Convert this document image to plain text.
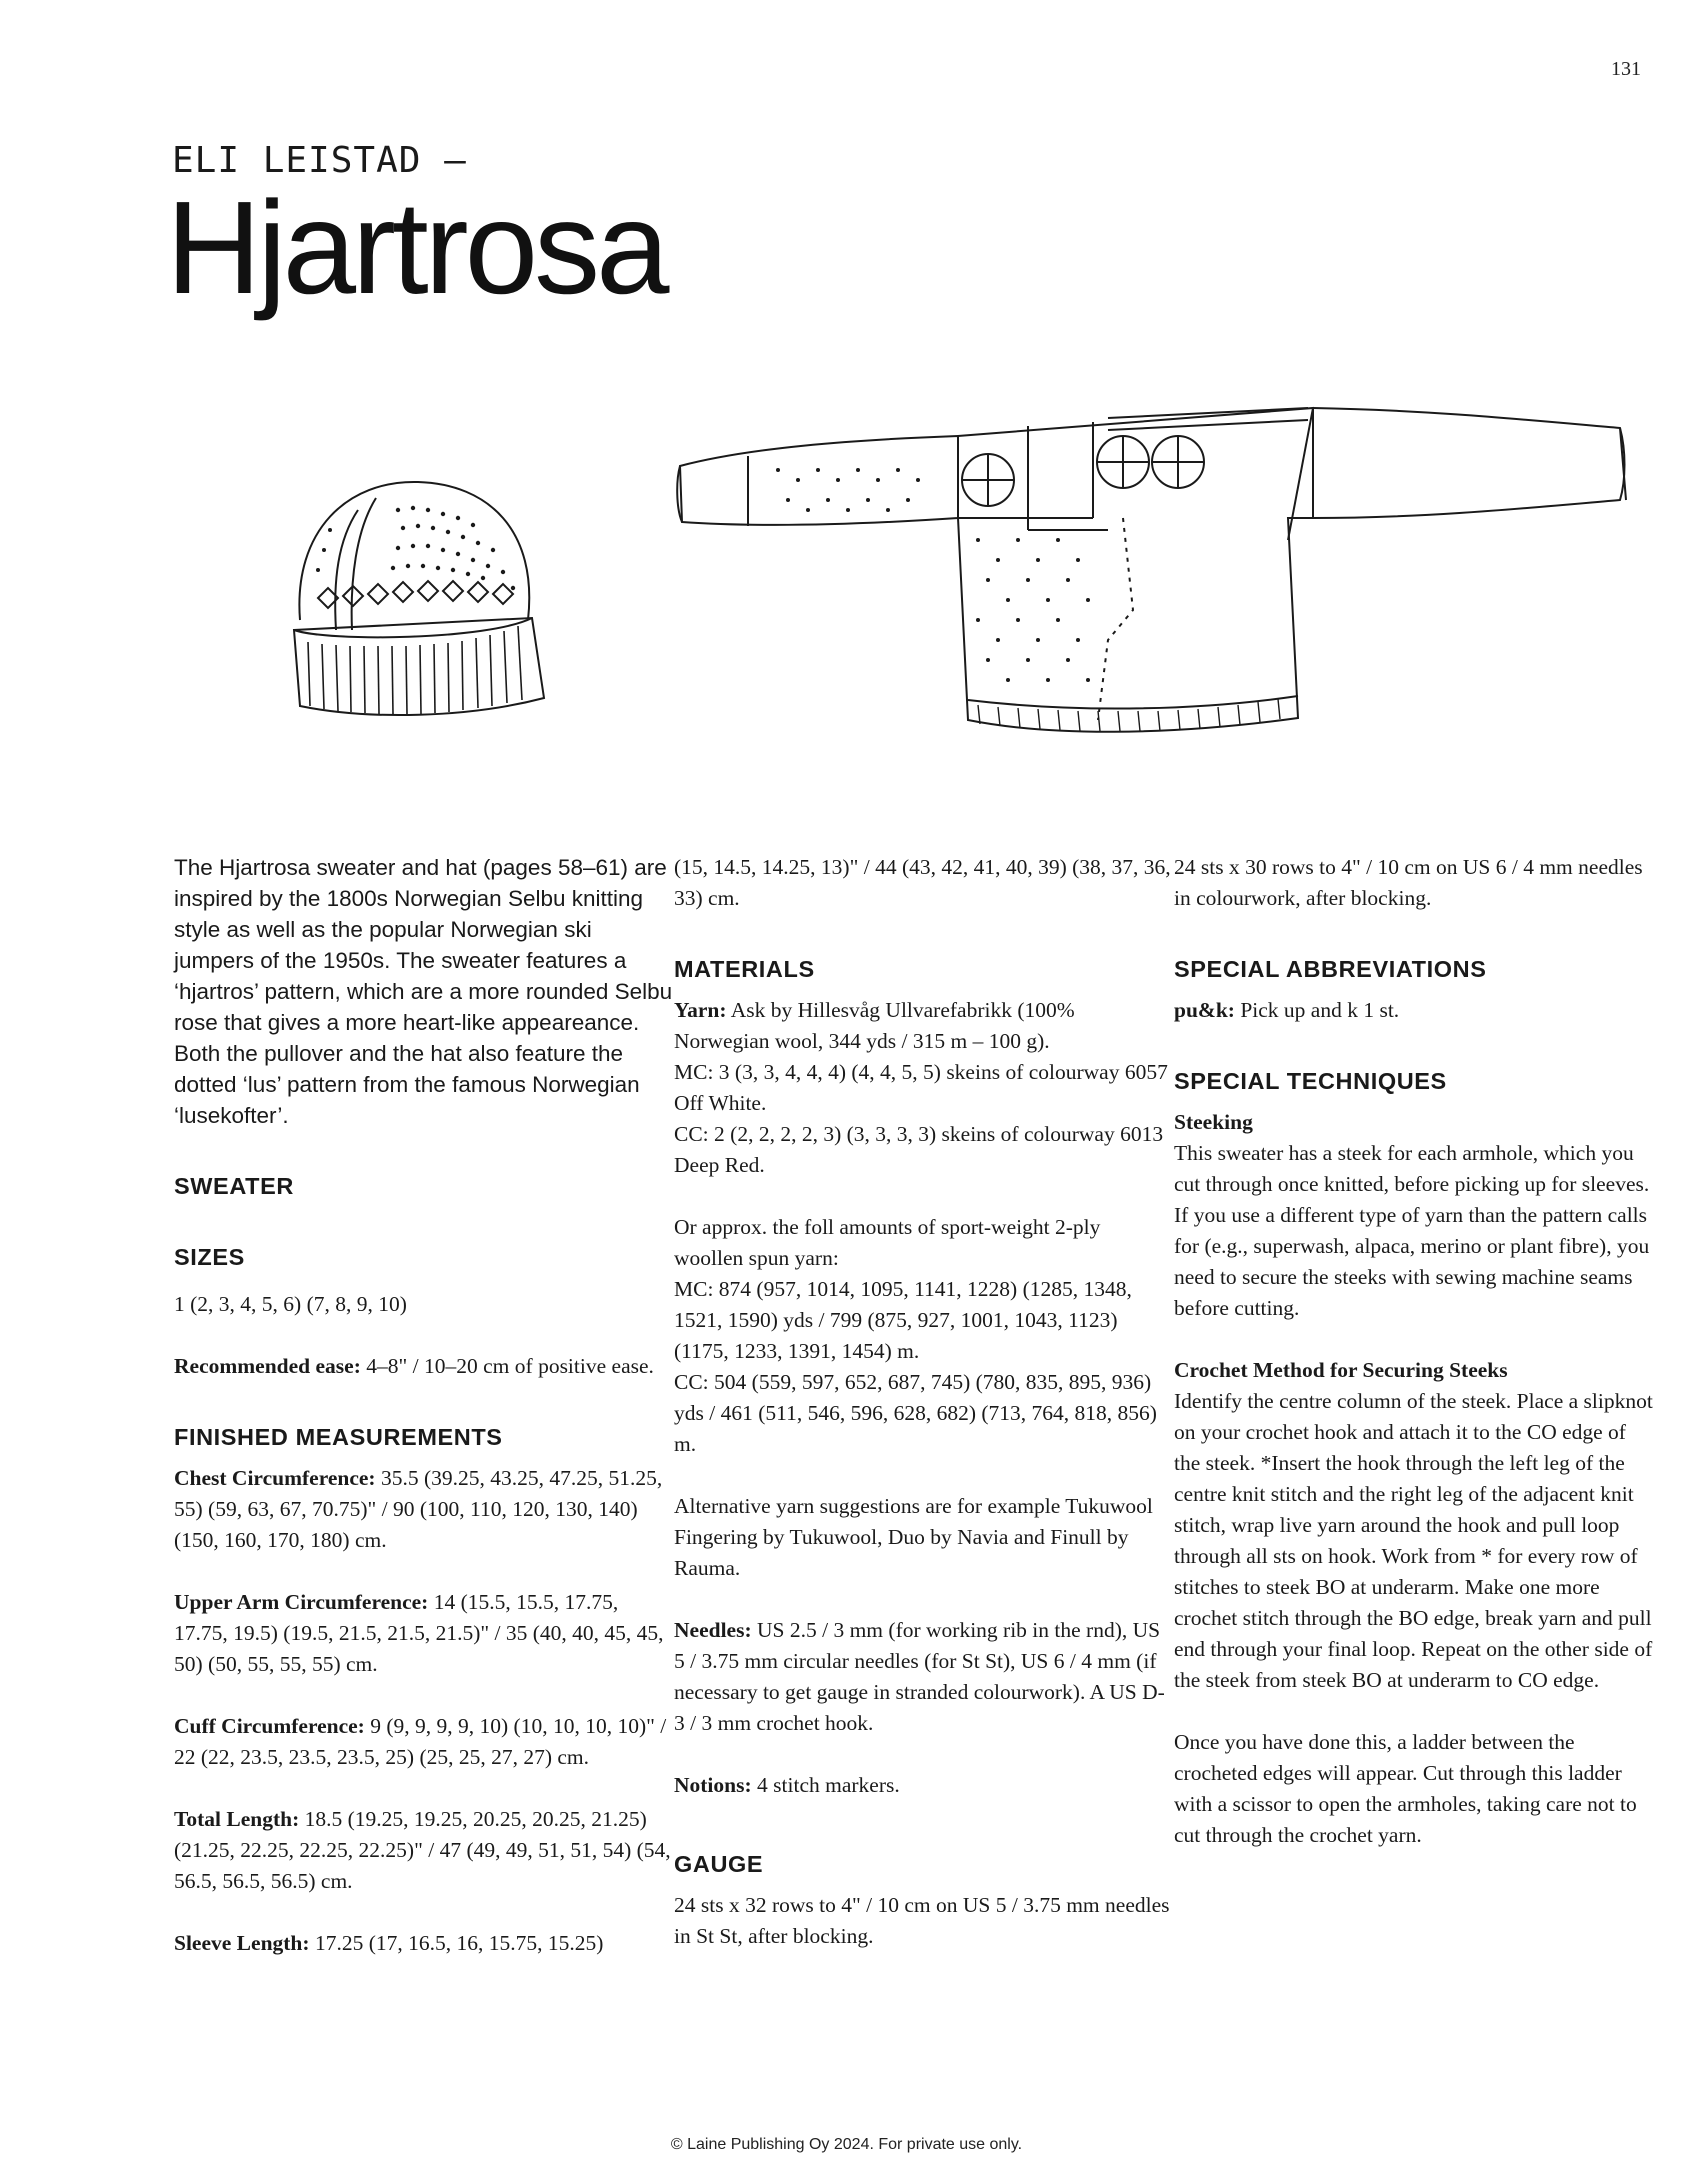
131
ELI LEISTAD —
Hjartrosa

The Hjartrosa sweater and hat (pages 58–61) are inspired by the 1800s Norwegian Selbu knitting style as well as the popular Norwegian ski jumpers of the 1950s. The sweater features a ‘hjartros’ pattern, which are a more rounded Selbu rose that gives a more heart-like appeareance. Both the pullover and the hat also feature the dotted ‘lus’ pattern from the famous Norwegian ‘lusekofter’.

SWEATER
SIZES

1 (2, 3, 4, 5, 6) (7, 8, 9, 10)

Recommended ease: 4–8" / 10–20 cm of positive ease.

FINISHED MEASUREMENTS

Chest Circumference: 35.5 (39.25, 43.25, 47.25, 51.25, 55) (59, 63, 67, 70.75)" / 90 (100, 110, 120, 130, 140) (150, 160, 170, 180) cm.

Upper Arm Circumference: 14 (15.5, 15.5, 17.75, 17.75, 19.5) (19.5, 21.5, 21.5, 21.5)" / 35 (40, 40, 45, 45, 50) (50, 55, 55, 55) cm.

Cuff Circumference: 9 (9, 9, 9, 9, 10) (10, 10, 10, 10)" / 22 (22, 23.5, 23.5, 23.5, 25) (25, 25, 27, 27) cm.

Total Length: 18.5 (19.25, 19.25, 20.25, 20.25, 21.25) (21.25, 22.25, 22.25, 22.25)" / 47 (49, 49, 51, 51, 54) (54, 56.5, 56.5, 56.5) cm.

Sleeve Length: 17.25 (17, 16.5, 16, 15.75, 15.25)

(15, 14.5, 14.25, 13)" / 44 (43, 42, 41, 40, 39) (38, 37, 36, 33) cm.

MATERIALS

Yarn: Ask by Hillesvåg Ullvarefabrikk (100% Norwegian wool, 344 yds / 315 m – 100 g).

MC: 3 (3, 3, 4, 4, 4) (4, 4, 5, 5) skeins of colourway 6057 Off White.

CC: 2 (2, 2, 2, 2, 3) (3, 3, 3, 3) skeins of colourway 6013 Deep Red.

Or approx. the foll amounts of sport-weight 2-ply woollen spun yarn:

MC: 874 (957, 1014, 1095, 1141, 1228) (1285, 1348, 1521, 1590) yds / 799 (875, 927, 1001, 1043, 1123) (1175, 1233, 1391, 1454) m.

CC: 504 (559, 597, 652, 687, 745) (780, 835, 895, 936) yds / 461 (511, 546, 596, 628, 682) (713, 764, 818, 856) m.

Alternative yarn suggestions are for example Tukuwool Fingering by Tukuwool, Duo by Navia and Finull by Rauma.

Needles: US 2.5 / 3 mm (for working rib in the rnd), US 5 / 3.75 mm circular needles (for St St), US 6 / 4 mm (if necessary to get gauge in stranded colourwork). A US D-3 / 3 mm crochet hook.

Notions: 4 stitch markers.

GAUGE

24 sts x 32 rows to 4" / 10 cm on US 5 / 3.75 mm needles in St St, after blocking.

24 sts x 30 rows to 4" / 10 cm on US 6 / 4 mm needles in colourwork, after blocking.

SPECIAL ABBREVIATIONS

pu&k: Pick up and k 1 st.

SPECIAL TECHNIQUES
Steeking

This sweater has a steek for each armhole, which you cut through once knitted, before picking up for sleeves. If you use a different type of yarn than the pattern calls for (e.g., superwash, alpaca, merino or plant fibre), you need to secure the steeks with sewing machine seams before cutting.

Crochet Method for Securing Steeks

Identify the centre column of the steek. Place a slipknot on your crochet hook and attach it to the CO edge of the steek. *Insert the hook through the left leg of the centre knit stitch and the right leg of the adjacent knit stitch, wrap live yarn around the hook and pull loop through all sts on hook. Work from * for every row of stitches to steek BO at underarm. Make one more crochet stitch through the BO edge, break yarn and pull end through your final loop. Repeat on the other side of the steek from steek BO at underarm to CO edge.

Once you have done this, a ladder between the crocheted edges will appear. Cut through this ladder with a scissor to open the armholes, taking care not to cut through the crochet yarn.

© Laine Publishing Oy 2024. For private use only.
